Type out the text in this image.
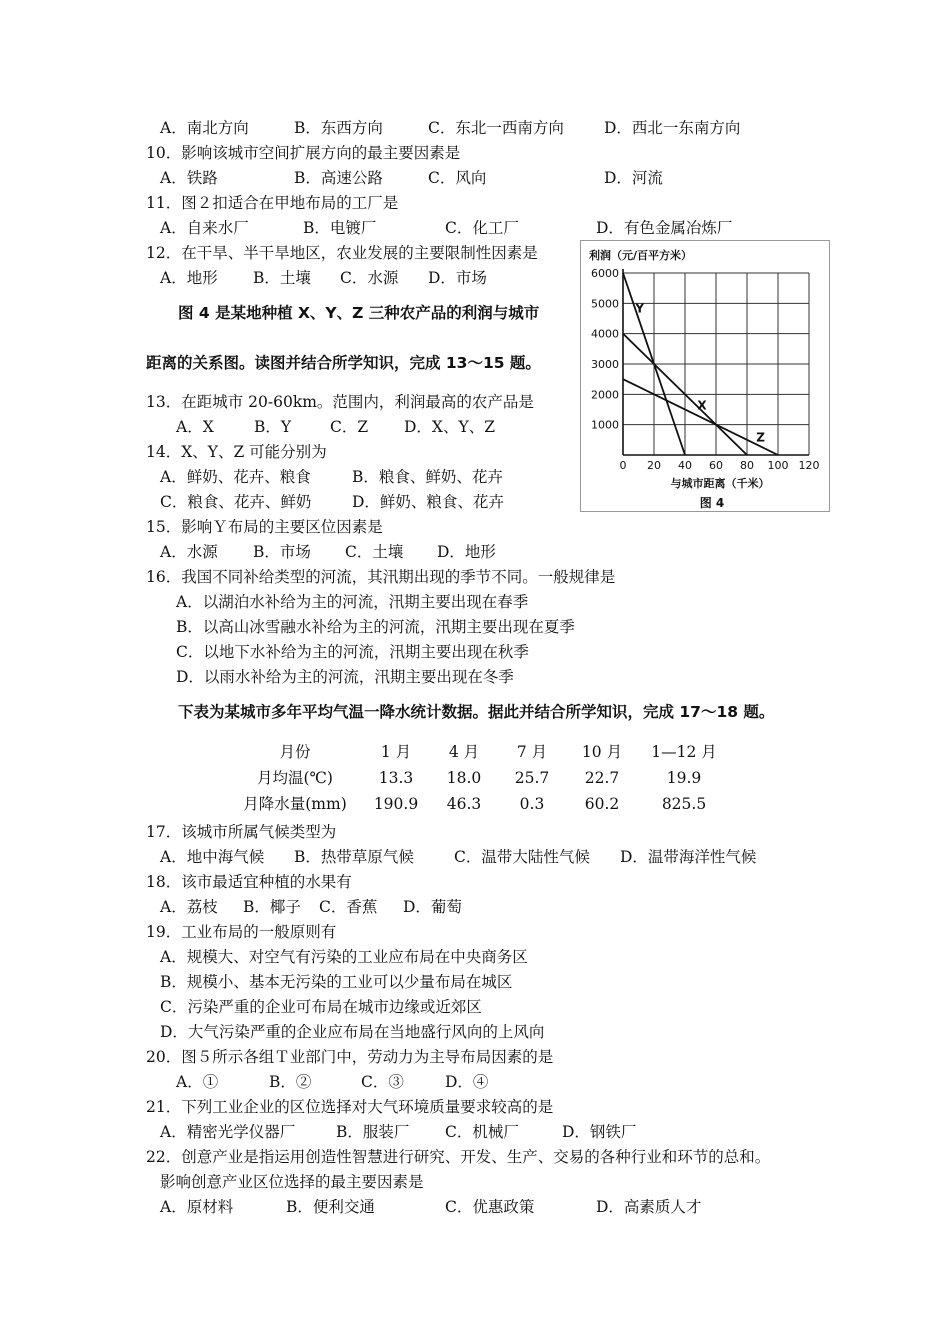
A．南北方向	B．东西方向	C．东北一西南方向	D．西北一东南方向
10．影响该城市空间扩展方向的最主要因素是
A．铁路	B．高速公路	C．风向	D．河流
11．图２扣适合在甲地布局的工厂是
A．自来水厂	B．电镀厂	C．化工厂	D．有色金属冶炼厂
12．在干旱、半干旱地区，农业发展的主要限制性因素是
A．地形 B．土壤 C．水源 D．市场
图 4 是某地种植 X、Y、Z 三种农产品的利润与城市
距离的关系图。读图并结合所学知识，完成 13～15 题。
0 20 40 60 80 100 120
1000
2000
3000
4000
5000
6000
Y
X
Z
利润（元/百平方米）
与城市距离（千米）
图 4
13．在距城市 20-60km。范围内，利润最高的农产品是
A．X	B．Y	C．Z D．X、Y、Z
14．X、Y、Z 可能分别为
A．鲜奶、花卉、粮食	B．粮食、鲜奶、花卉
C．粮食、花卉、鲜奶	D．鲜奶、粮食、花卉
15．影响Ｙ布局的主要区位因素是
A．水源 B．市场 C．土壤 D．地形
16．我国不同补给类型的河流，其汛期出现的季节不同。一般规律是
A．以湖泊水补给为主的河流，汛期主要出现在春季
B．以高山冰雪融水补给为主的河流，汛期主要出现在夏季
C．以地下水补给为主的河流，汛期主要出现在秋季
D．以雨水补给为主的河流，汛期主要出现在冬季
下表为某城市多年平均气温一降水统计数据。据此并结合所学知识，完成 17～18 题。
月份	1 月	4 月	7 月	10 月	1—12 月
月均温(℃)	13.3	18.0	25.7	22.7	19.9
月降水量(mm)	190.9	46.3	0.3	60.2	825.5
17．该城市所属气候类型为
A．地中海气候 B．热带草原气候	C．温带大陆性气候 D．温带海洋性气候
18．该市最适宜种植的水果有
A．荔枝 B．椰子 C．香蕉 D．葡萄
19．工业布局的一般原则有
A．规模大、对空气有污染的工业应布局在中央商务区
B．规模小、基本无污染的工业可以少量布局在城区
C．污染严重的企业可布局在城市边缘或近郊区
D．大气污染严重的企业应布局在当地盛行风向的上风向
20．图５所示各组Ｔ业部门中，劳动力为主导布局因素的是
A．①	B．②	C．③	D．④
21．下列工业企业的区位选择对大气环境质量要求较高的是
A．精密光学仪器厂	B．服装厂 C．机械厂	D．钢铁厂
22．创意产业是指运用创造性智慧进行研究、开发、生产、交易的各种行业和环节的总和。
影响创意产业区位选择的最主要因素是
A．原材料	B．便利交通	C．优惠政策	D．高素质人才
